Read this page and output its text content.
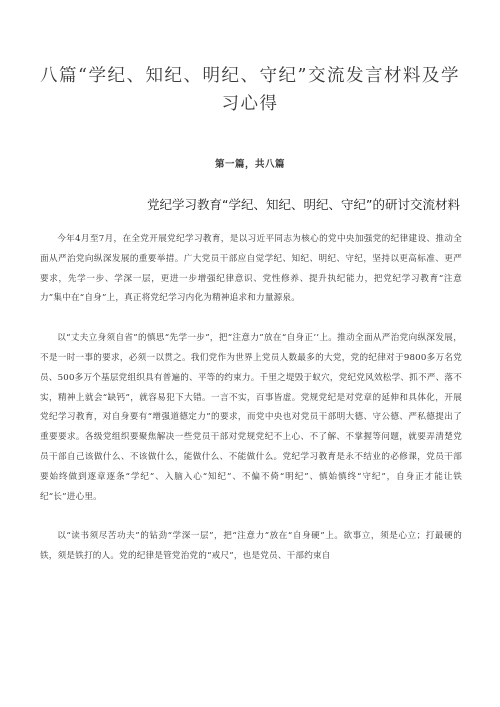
八篇“学纪、知纪、明纪、守纪”交流发言材料及学习心得
第一篇，共八篇
党纪学习教育“学纪、知纪、明纪、守纪”的研讨交流材料

今年4月至7月，在全党开展党纪学习教育，是以习近平同志为核心的党中央加强党的纪律建设、推动全面从严治党向纵深发展的重要举措。广大党员干部应自觉学纪、知纪、明纪、守纪，坚持以更高标准、更严要求，先学一步、学深一层，更进一步增强纪律意识、党性修养、提升执纪能力，把党纪学习教育“注意力”集中在“自身”上，真正将党纪学习内化为精神追求和力量源泉。

以“丈夫立身须自省”的慎思“先学一步”，把“注意力”放在“自身正’’上。推动全面从严治党向纵深发展，不是一时一事的要求，必须一以贯之。我们党作为世界上党员人数最多的大党，党的纪律对于9800多万名党员、500多万个基层党组织具有普遍的、平等的约束力。千里之堤毁于蚁穴，党纪党风效松学、抓不严、落不实，精神上就会“缺钙”，就容易犯下大错。一言不实，百事皆虚。党规党纪是对党章的延伸和具体化，开展党纪学习教育，对自身要有“增强道德定力”的要求，而党中央也对党员干部明大德、守公德、严私德提出了重要要求。各级党组织要聚焦解决一些党员干部对党规党纪不上心、不了解、不掌握等问题，就要弄清楚党员干部自己该做什么、不该做什么，能做什么、不能做什么。党纪学习教育是永不结业的必修课，党员干部要始终做到逐章逐条“学纪”、入脑入心“知纪”、不偏不倚“明纪”、慎始慎终“守纪”，自身正才能让铁纪“长”进心里。

以“读书须尽苦功夫”的钻劲“学深一层”，把“注意力”放在“自身硬”上。欲事立，须是心立；打最硬的铁，须是铁打的人。党的纪律是管党治党的“戒尺”，也是党员、干部约束自
